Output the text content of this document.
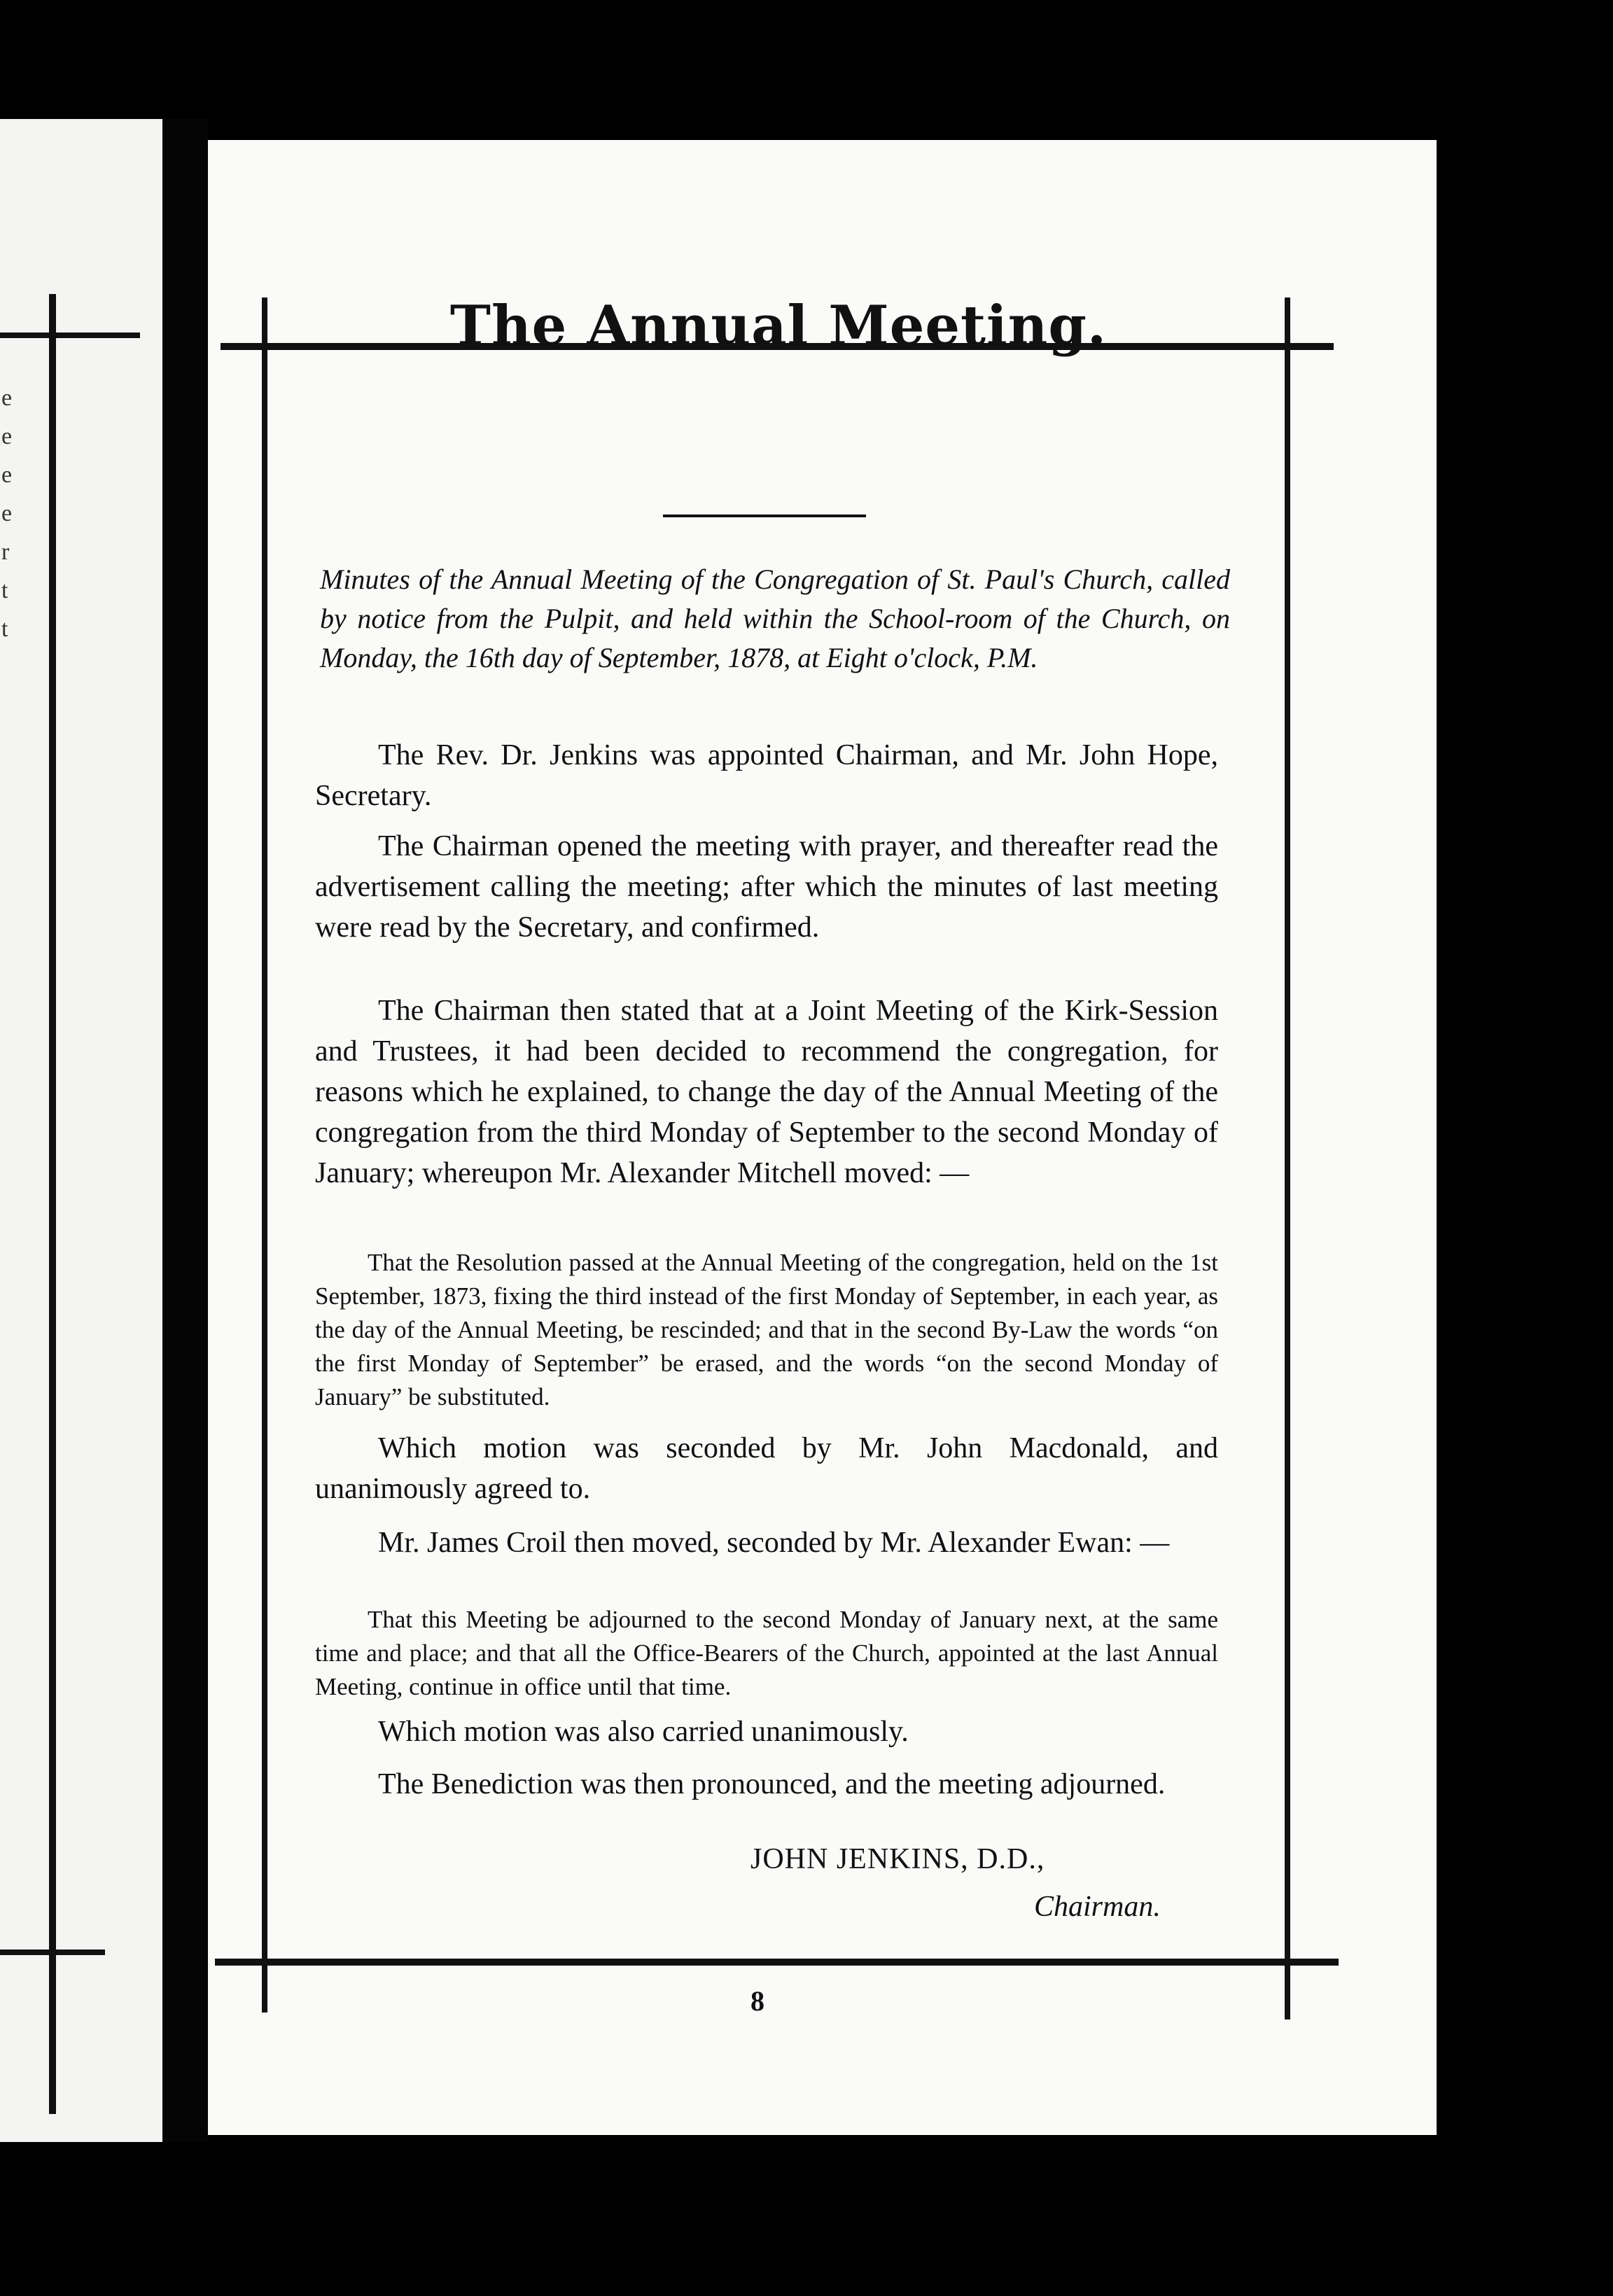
e
e
e
e
r
t
t
The Annual Meeting.
Minutes of the Annual Meeting of the Congregation of St. Paul's Church, called by notice from the Pulpit, and held within the School-room of the Church, on Monday, the 16th day of September, 1878, at Eight o'clock, P.M.
The Rev. Dr. Jenkins was appointed Chairman, and Mr. John Hope, Secretary.
The Chairman opened the meeting with prayer, and thereafter read the advertisement calling the meeting; after which the minutes of last meeting were read by the Secretary, and confirmed.
The Chairman then stated that at a Joint Meeting of the Kirk-Session and Trustees, it had been decided to recommend the congregation, for reasons which he explained, to change the day of the Annual Meeting of the congregation from the third Monday of September to the second Monday of January; whereupon Mr. Alexander Mitchell moved: —
That the Resolution passed at the Annual Meeting of the congregation, held on the 1st September, 1873, fixing the third instead of the first Monday of September, in each year, as the day of the Annual Meeting, be rescinded; and that in the second By-Law the words “on the first Monday of September” be erased, and the words “on the second Monday of January” be substituted.
Which motion was seconded by Mr. John Macdonald, and unanimously agreed to.
Mr. James Croil then moved, seconded by Mr. Alexander Ewan: —
That this Meeting be adjourned to the second Monday of January next, at the same time and place; and that all the Office-Bearers of the Church, appointed at the last Annual Meeting, continue in office until that time.
Which motion was also carried unanimously.
The Benediction was then pronounced, and the meeting adjourned.
JOHN JENKINS, D.D.,
Chairman.
8
